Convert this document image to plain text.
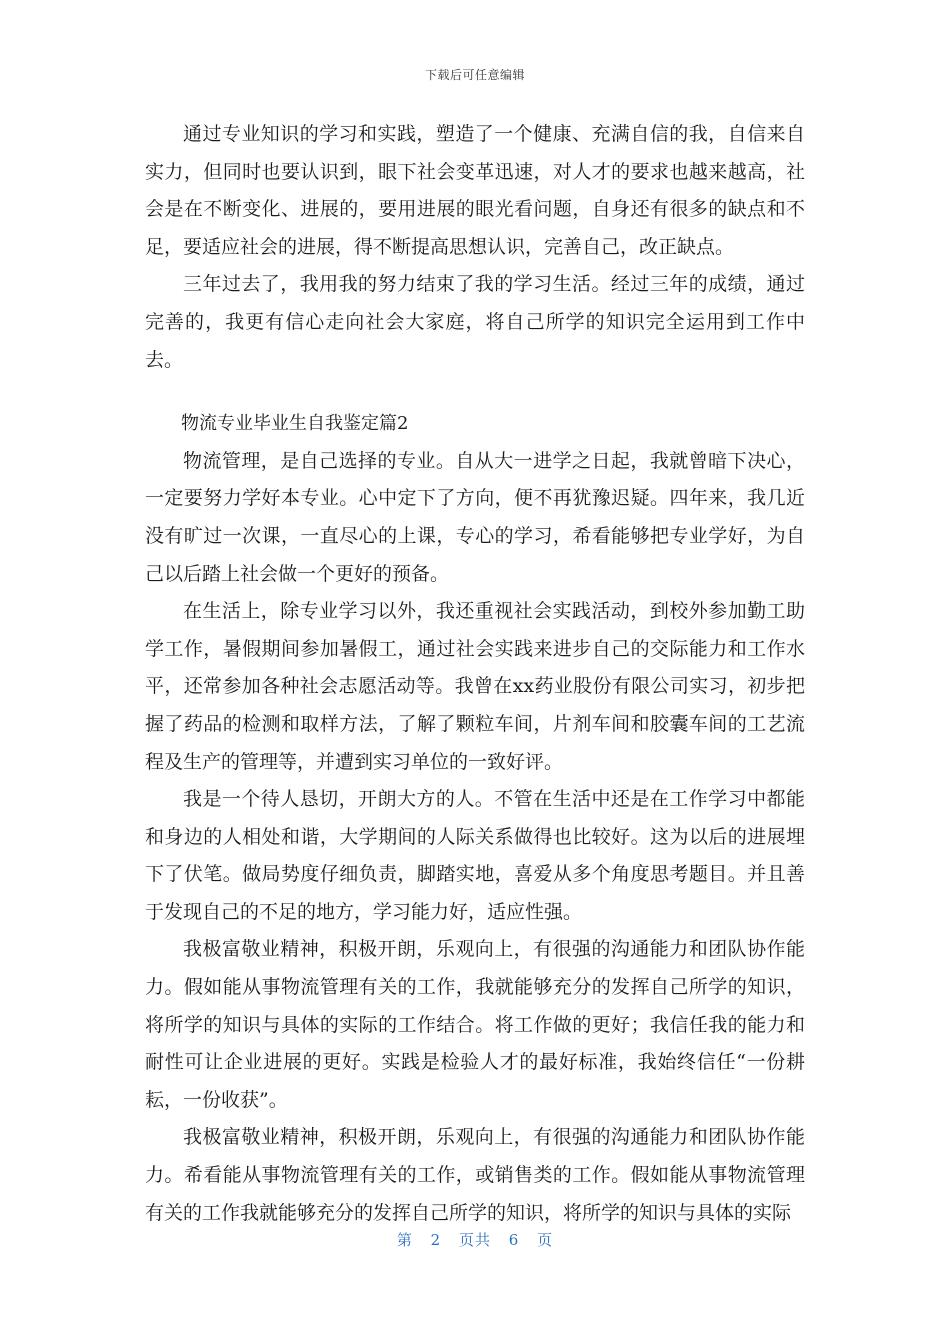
下载后可任意编辑

通过专业知识的学习和实践，塑造了一个健康、充满自信的我，自信来自实力，但同时也要认识到，眼下社会变革迅速，对人才的要求也越来越高，社会是在不断变化、进展的，要用进展的眼光看问题，自身还有很多的缺点和不足，要适应社会的进展，得不断提高思想认识，完善自己，改正缺点。

三年过去了，我用我的努力结束了我的学习生活。经过三年的成绩，通过完善的，我更有信心走向社会大家庭，将自己所学的知识完全运用到工作中去。

物流专业毕业生自我鉴定篇2

物流管理，是自己选择的专业。自从大一进学之日起，我就曾暗下决心，一定要努力学好本专业。心中定下了方向，便不再犹豫迟疑。四年来，我几近没有旷过一次课，一直尽心的上课，专心的学习，希看能够把专业学好，为自己以后踏上社会做一个更好的预备。

在生活上，除专业学习以外，我还重视社会实践活动，到校外参加勤工助学工作，暑假期间参加暑假工，通过社会实践来进步自己的交际能力和工作水平，还常参加各种社会志愿活动等。我曾在xx药业股份有限公司实习，初步把握了药品的检测和取样方法，了解了颗粒车间，片剂车间和胶囊车间的工艺流程及生产的管理等，并遭到实习单位的一致好评。

我是一个待人恳切，开朗大方的人。不管在生活中还是在工作学习中都能和身边的人相处和谐，大学期间的人际关系做得也比较好。这为以后的进展埋下了伏笔。做局势度仔细负责，脚踏实地，喜爱从多个角度思考题目。并且善于发现自己的不足的地方，学习能力好，适应性强。

我极富敬业精神，积极开朗，乐观向上，有很强的沟通能力和团队协作能力。假如能从事物流管理有关的工作，我就能够充分的发挥自己所学的知识，将所学的知识与具体的实际的工作结合。将工作做的更好；我信任我的能力和耐性可让企业进展的更好。实践是检验人才的最好标准，我始终信任“一份耕耘，一份收获”。

我极富敬业精神，积极开朗，乐观向上，有很强的沟通能力和团队协作能力。希看能从事物流管理有关的工作，或销售类的工作。假如能从事物流管理有关的工作我就能够充分的发挥自己所学的知识，将所学的知识与具体的实际

第 2 页共 6 页
